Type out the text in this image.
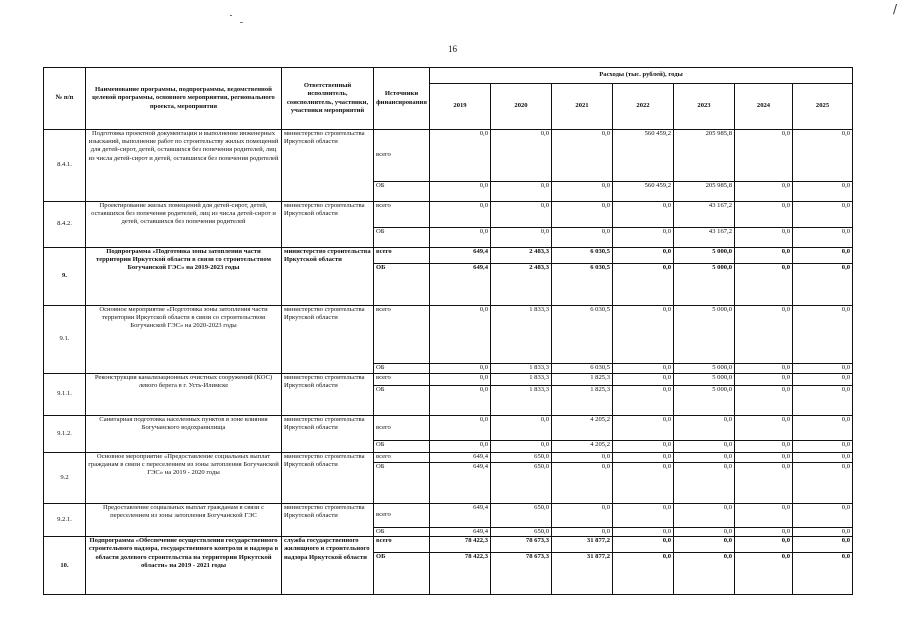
/
16
№ п/п	Наименование программы, подпрограммы, ведомственной целевой программы, основного мероприятия, регионального проекта, мероприятия	Ответственный исполнитель, соисполнитель, участники, участники мероприятий	Источники финансирования	Расходы (тыс. рублей), годы						
				2019	2020	2021	2022	2023	2024	2025
8.4.1.	Подготовка проектной документации и выполнение инженерных изысканий, выполнение работ по строительству жилых помещений для детей-сирот, детей, оставшихся без попечения родителей, лиц из числа детей-сирот и детей, оставшихся без попечения родителей	министерство строительства Иркутской области	всего	0,0	0,0	0,0	560 459,2	205 985,8	0,0	0,0
			ОБ	0,0	0,0	0,0	560 459,2	205 985,8	0,0	0,0
8.4.2.	Проектирование жилых помещений для детей-сирот, детей, оставшихся без попечения родителей, лиц из числа детей-сирот и детей, оставшихся без попечения родителей	министерство строительства Иркутской области	всего	0,0	0,0	0,0	0,0	43 167,2	0,0	0,0
			ОБ	0,0	0,0	0,0	0,0	43 167,2	0,0	0,0
9.	Подпрограмма «Подготовка зоны затопления части территории Иркутской области в связи со строительством Богучанской ГЭС» на 2019-2023 годы	министерство строительства Иркутской области	всего	649,4	2 483,3	6 030,5	0,0	5 000,0	0,0	0,0
			ОБ	649,4	2 483,3	6 030,5	0,0	5 000,0	0,0	0,0
9.1.	Основное мероприятие «Подготовка зоны затопления части территории Иркутской области в связи со строительством Богучанской ГЭС» на 2020-2023 годы	министерство строительства Иркутской области	всего	0,0	1 833,3	6 030,5	0,0	5 000,0	0,0	0,0
			ОБ	0,0	1 833,3	6 030,5	0,0	5 000,0	0,0	0,0
9.1.1.	Реконструкция канализационных очистных сооружений (КОС) левого берега в г. Усть-Илимске	министерство строительства Иркутской области	всего	0,0	1 833,3	1 825,3	0,0	5 000,0	0,0	0,0
			ОБ	0,0	1 833,3	1 825,3	0,0	5 000,0	0,0	0,0
9.1.2.	Санитарная подготовка населенных пунктов в зоне влияния Богучанского водохранилища	министерство строительства Иркутской области	всего	0,0	0,0	4 205,2	0,0	0,0	0,0	0,0
			ОБ	0,0	0,0	4 205,2	0,0	0,0	0,0	0,0
9.2	Основное мероприятие «Предоставление социальных выплат гражданам в связи с переселением из зоны затопления Богучанской ГЭС» на 2019 - 2020 годы	министерство строительства Иркутской области	всего	649,4	650,0	0,0	0,0	0,0	0,0	0,0
			ОБ	649,4	650,0	0,0	0,0	0,0	0,0	0,0
9.2.1.	Предоставление социальных выплат гражданам в связи с переселением из зоны затопления Богучанской ГЭС	министерство строительства Иркутской области	всего	649,4	650,0	0,0	0,0	0,0	0,0	0,0
			ОБ	649,4	650,0	0,0	0,0	0,0	0,0	0,0
10.	Подпрограмма «Обеспечение осуществления государственного строительного надзора, государственного контроля и надзора в области долевого строительства на территории Иркутской области» на 2019 - 2021 годы	служба государственного жилищного и строительного надзора Иркутской области	всего	78 422,3	78 673,3	31 877,2	0,0	0,0	0,0	0,0
			ОБ	78 422,3	78 673,3	31 877,2	0,0	0,0	0,0	0,0
